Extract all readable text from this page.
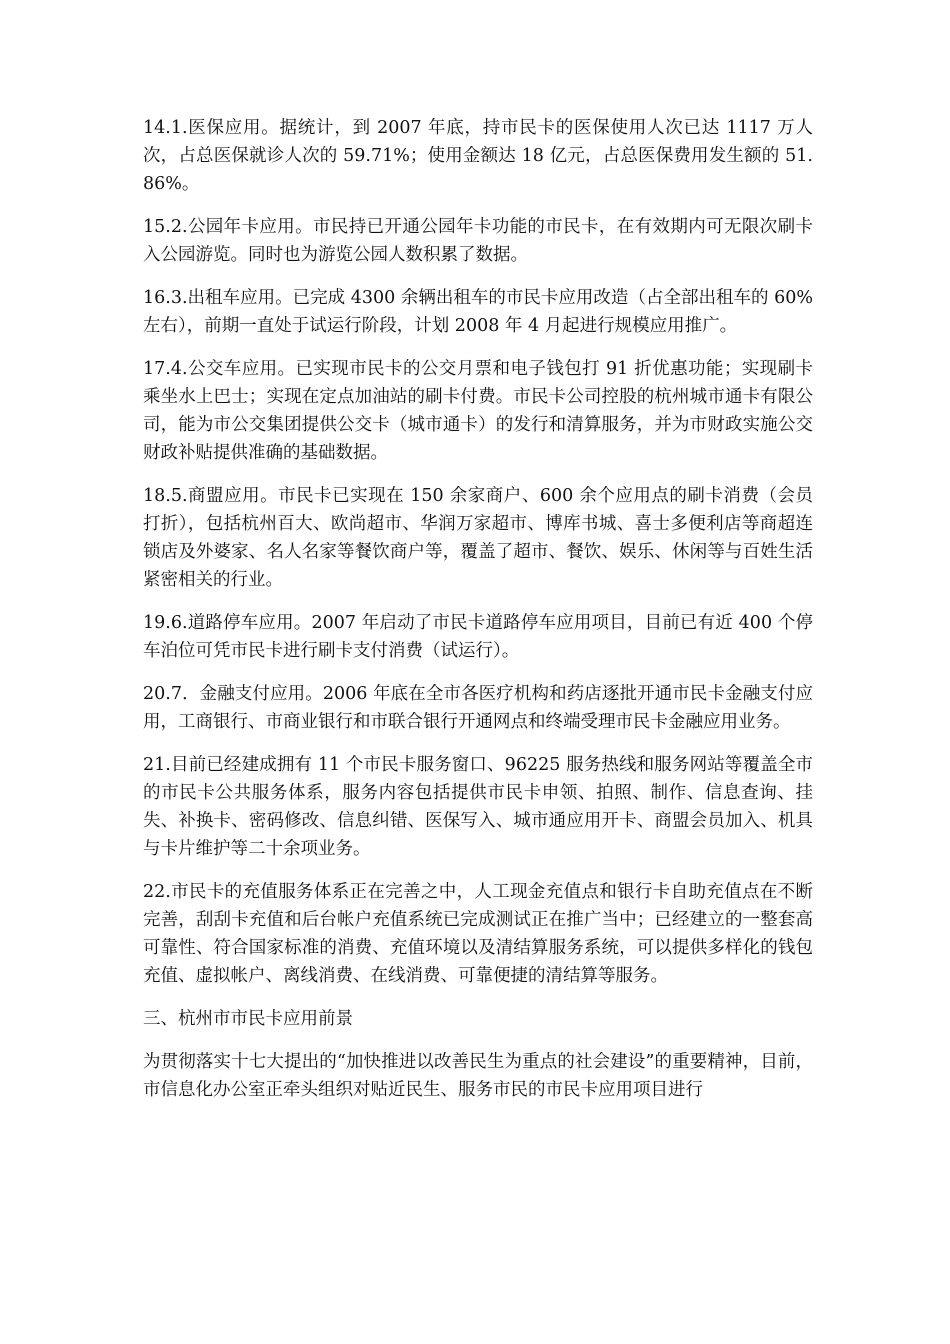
14.1.医保应用。据统计，到 2007 年底，持市民卡的医保使用人次已达 1117 万人次，占总医保就诊人次的 59.71%；使用金额达 18 亿元，占总医保费用发生额的 51.86%。

15.2.公园年卡应用。市民持已开通公园年卡功能的市民卡，在有效期内可无限次刷卡入公园游览。同时也为游览公园人数积累了数据。

16.3.出租车应用。已完成 4300 余辆出租车的市民卡应用改造（占全部出租车的 60%左右），前期一直处于试运行阶段，计划 2008 年 4 月起进行规模应用推广。

17.4.公交车应用。已实现市民卡的公交月票和电子钱包打 91 折优惠功能；实现刷卡乘坐水上巴士；实现在定点加油站的刷卡付费。市民卡公司控股的杭州城市通卡有限公司，能为市公交集团提供公交卡（城市通卡）的发行和清算服务，并为市财政实施公交财政补贴提供准确的基础数据。

18.5.商盟应用。市民卡已实现在 150 余家商户、600 余个应用点的刷卡消费（会员打折），包括杭州百大、欧尚超市、华润万家超市、博库书城、喜士多便利店等商超连锁店及外婆家、名人名家等餐饮商户等，覆盖了超市、餐饮、娱乐、休闲等与百姓生活紧密相关的行业。

19.6.道路停车应用。2007 年启动了市民卡道路停车应用项目，目前已有近 400 个停车泊位可凭市民卡进行刷卡支付消费（试运行）。

20.7．金融支付应用。2006 年底在全市各医疗机构和药店逐批开通市民卡金融支付应用，工商银行、市商业银行和市联合银行开通网点和终端受理市民卡金融应用业务。

21.目前已经建成拥有 11 个市民卡服务窗口、96225 服务热线和服务网站等覆盖全市的市民卡公共服务体系，服务内容包括提供市民卡申领、拍照、制作、信息查询、挂失、补换卡、密码修改、信息纠错、医保写入、城市通应用开卡、商盟会员加入、机具与卡片维护等二十余项业务。

22.市民卡的充值服务体系正在完善之中，人工现金充值点和银行卡自助充值点在不断完善，刮刮卡充值和后台帐户充值系统已完成测试正在推广当中；已经建立的一整套高可靠性、符合国家标准的消费、充值环境以及清结算服务系统，可以提供多样化的钱包充值、虚拟帐户、离线消费、在线消费、可靠便捷的清结算等服务。

三、杭州市市民卡应用前景

为贯彻落实十七大提出的“加快推进以改善民生为重点的社会建设”的重要精神，目前，市信息化办公室正牵头组织对贴近民生、服务市民的市民卡应用项目进行
